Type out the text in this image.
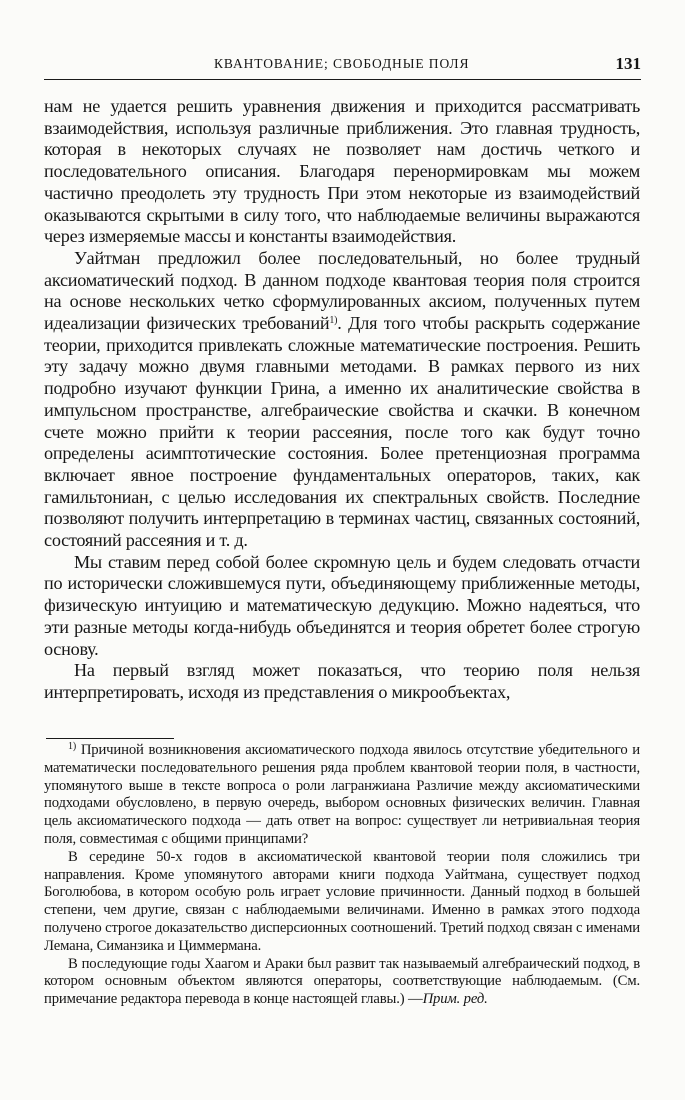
КВАНТОВАНИЕ; СВОБОДНЫЕ ПОЛЯ	131

нам не удается решить уравнения движения и приходится рассматривать взаимодействия, используя различные приближения. Это главная трудность, которая в некоторых случаях не позволяет нам достичь четкого и последовательного описания. Благодаря перенормировкам мы можем частично преодолеть эту трудность При этом некоторые из взаимодействий оказываются скрытыми в силу того, что наблюдаемые величины выражаются через измеряемые массы и константы взаимодействия.

Уайтман предложил более последовательный, но более трудный аксиоматический подход. В данном подходе квантовая теория поля строится на основе нескольких четко сформулированных аксиом, полученных путем идеализации физических требований$^{1)}$. Для того чтобы раскрыть содержание теории, приходится привлекать сложные математические построения. Решить эту задачу можно двумя главными методами. В рамках первого из них подробно изучают функции Грина, а именно их аналитические свойства в импульсном пространстве, алгебраические свойства и скачки. В конечном счете можно прийти к теории рассеяния, после того как будут точно определены асимптотические состояния. Более претенциозная программа включает явное построение фундаментальных операторов, таких, как гамильтониан, с целью исследования их спектральных свойств. Последние позволяют получить интерпретацию в терминах частиц, связанных состояний, состояний рассеяния и т. д.

Мы ставим перед собой более скромную цель и будем следовать отчасти по исторически сложившемуся пути, объединяющему приближенные методы, физическую интуицию и математическую дедукцию. Можно надеяться, что эти разные методы когда-нибудь объединятся и теория обретет более строгую основу.

На первый взгляд может показаться, что теорию поля нельзя интерпретировать, исходя из представления о микрообъектах,

$^{1)}$ Причиной возникновения аксиоматического подхода явилось отсутствие убедительного и математически последовательного решения ряда проблем квантовой теории поля, в частности, упомянутого выше в тексте вопроса о роли лагранжиана Различие между аксиоматическими подходами обусловлено, в первую очередь, выбором основных физических величин. Главная цель аксиоматического подхода — дать ответ на вопрос: существует ли нетривиальная теория поля, совместимая с общими принципами?

В середине 50-х годов в аксиоматической квантовой теории поля сложились три направления. Кроме упомянутого авторами книги подхода Уайтмана, существует подход Боголюбова, в котором особую роль играет условие причинности. Данный подход в большей степени, чем другие, связан с наблюдаемыми величинами. Именно в рамках этого подхода получено строгое доказательство дисперсионных соотношений. Третий подход связан с именами Лемана, Симанзика и Циммермана.

В последующие годы Хаагом и Араки был развит так называемый алгебраический подход, в котором основным объектом являются операторы, соответствующие наблюдаемым. (См. примечание редактора перевода в конце настоящей главы.) —Прим. ред.
